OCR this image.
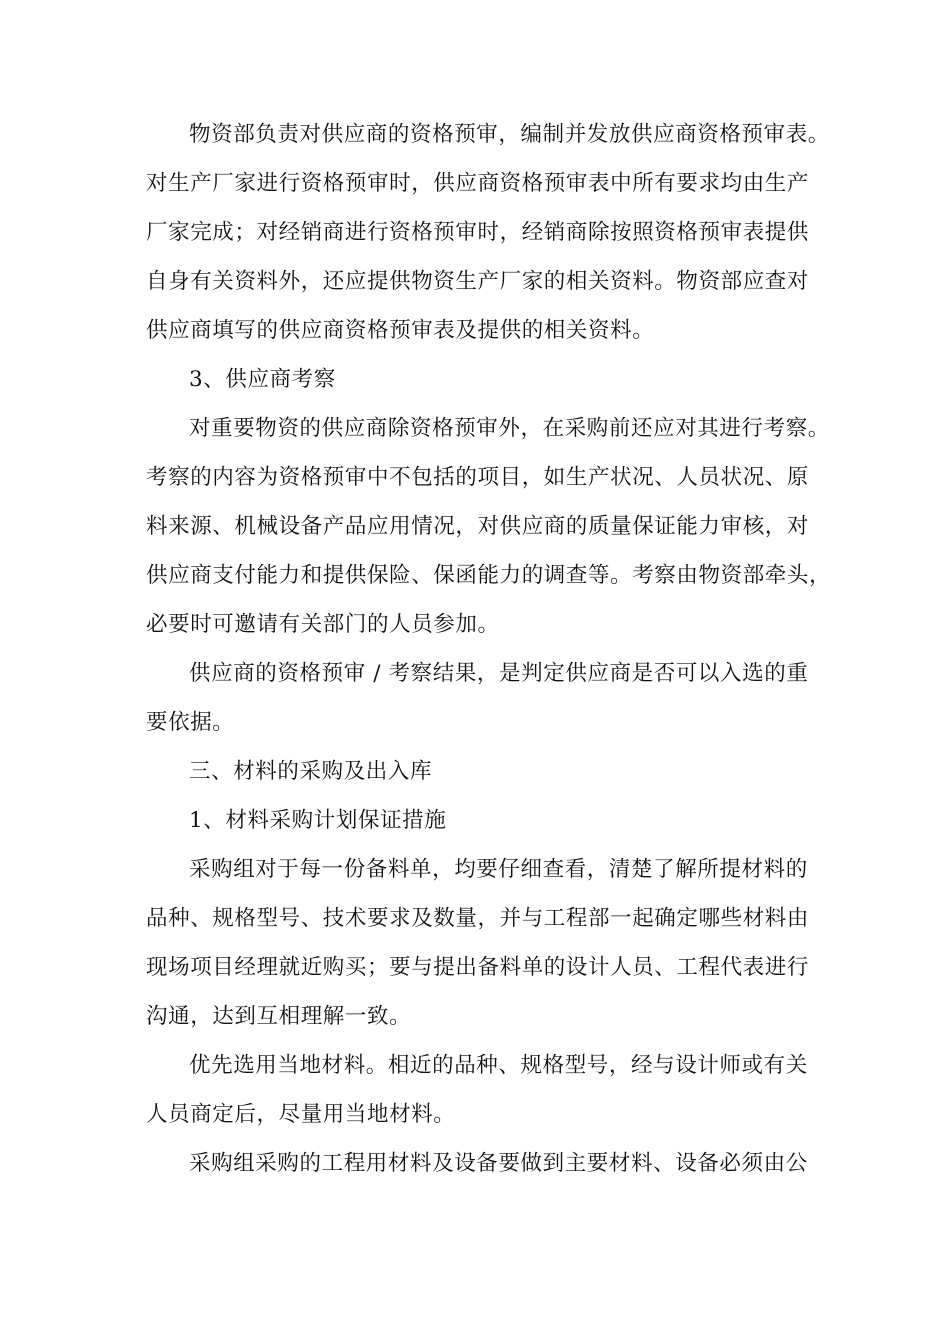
物资部负责对供应商的资格预审，编制并发放供应商资格预审表。
对生产厂家进行资格预审时，供应商资格预审表中所有要求均由生产
厂家完成；对经销商进行资格预审时，经销商除按照资格预审表提供
自身有关资料外，还应提供物资生产厂家的相关资料。物资部应查对
供应商填写的供应商资格预审表及提供的相关资料。
3、供应商考察
对重要物资的供应商除资格预审外，在采购前还应对其进行考察。
考察的内容为资格预审中不包括的项目，如生产状况、人员状况、原
料来源、机械设备产品应用情况，对供应商的质量保证能力审核，对
供应商支付能力和提供保险、保函能力的调查等。考察由物资部牵头，
必要时可邀请有关部门的人员参加。
供应商的资格预审 / 考察结果，是判定供应商是否可以入选的重
要依据。
三、材料的采购及出入库
1、材料采购计划保证措施
采购组对于每一份备料单，均要仔细查看，清楚了解所提材料的
品种、规格型号、技术要求及数量，并与工程部一起确定哪些材料由
现场项目经理就近购买；要与提出备料单的设计人员、工程代表进行
沟通，达到互相理解一致。
优先选用当地材料。相近的品种、规格型号，经与设计师或有关
人员商定后，尽量用当地材料。
采购组采购的工程用材料及设备要做到主要材料、设备必须由公
